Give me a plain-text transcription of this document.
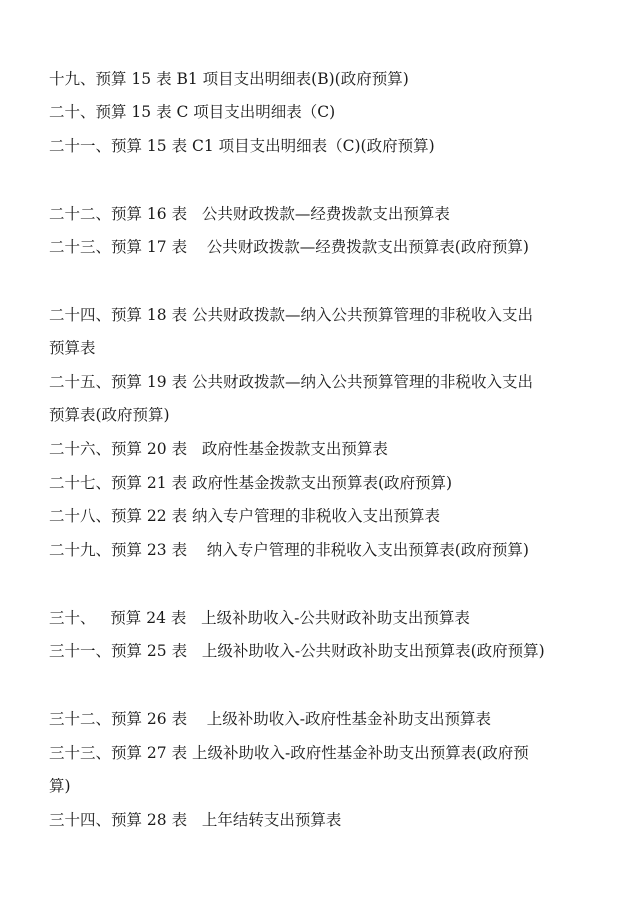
十九、预算 15 表 B1 项目支出明细表(B)(政府预算)
二十、预算 15 表 C 项目支出明细表（C)
二十一、预算 15 表 C1 项目支出明细表（C)(政府预算)
二十二、预算 16 表   公共财政拨款—经费拨款支出预算表
二十三、预算 17 表    公共财政拨款—经费拨款支出预算表(政府预算)
二十四、预算 18 表 公共财政拨款—纳入公共预算管理的非税收入支出
预算表
二十五、预算 19 表 公共财政拨款—纳入公共预算管理的非税收入支出
预算表(政府预算)
二十六、预算 20 表   政府性基金拨款支出预算表
二十七、预算 21 表 政府性基金拨款支出预算表(政府预算)
二十八、预算 22 表 纳入专户管理的非税收入支出预算表
二十九、预算 23 表    纳入专户管理的非税收入支出预算表(政府预算)
三十、   预算 24 表   上级补助收入-公共财政补助支出预算表
三十一、预算 25 表   上级补助收入-公共财政补助支出预算表(政府预算)
三十二、预算 26 表    上级补助收入-政府性基金补助支出预算表
三十三、预算 27 表 上级补助收入-政府性基金补助支出预算表(政府预
算)
三十四、预算 28 表   上年结转支出预算表
